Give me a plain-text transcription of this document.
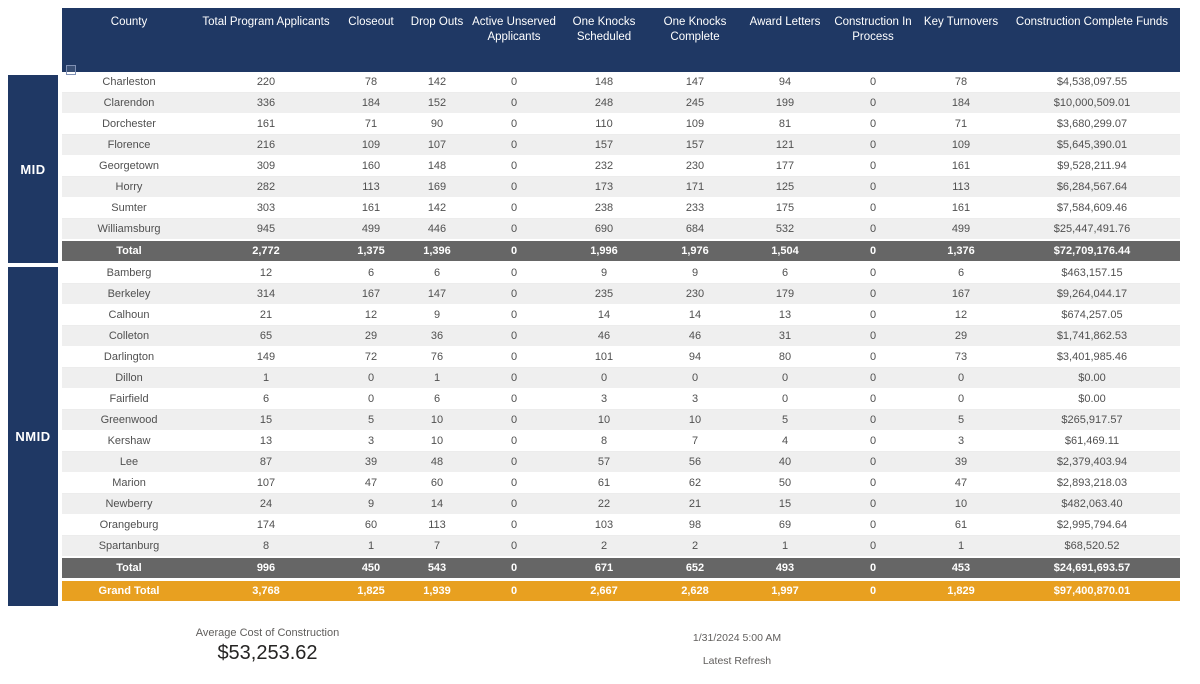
MID
NMID
County	Total Program Applicants	Closeout	Drop Outs	Active Unserved Applicants	One Knocks Scheduled	One Knocks Complete	Award Letters	Construction In Process	Key Turnovers	Construction Complete Funds
Charleston	220	78	142	0	148	147	94	0	78	$4,538,097.55
Clarendon	336	184	152	0	248	245	199	0	184	$10,000,509.01
Dorchester	161	71	90	0	110	109	81	0	71	$3,680,299.07
Florence	216	109	107	0	157	157	121	0	109	$5,645,390.01
Georgetown	309	160	148	0	232	230	177	0	161	$9,528,211.94
Horry	282	113	169	0	173	171	125	0	113	$6,284,567.64
Sumter	303	161	142	0	238	233	175	0	161	$7,584,609.46
Williamsburg	945	499	446	0	690	684	532	0	499	$25,447,491.76
Total	2,772	1,375	1,396	0	1,996	1,976	1,504	0	1,376	$72,709,176.44
Bamberg	12	6	6	0	9	9	6	0	6	$463,157.15
Berkeley	314	167	147	0	235	230	179	0	167	$9,264,044.17
Calhoun	21	12	9	0	14	14	13	0	12	$674,257.05
Colleton	65	29	36	0	46	46	31	0	29	$1,741,862.53
Darlington	149	72	76	0	101	94	80	0	73	$3,401,985.46
Dillon	1	0	1	0	0	0	0	0	0	$0.00
Fairfield	6	0	6	0	3	3	0	0	0	$0.00
Greenwood	15	5	10	0	10	10	5	0	5	$265,917.57
Kershaw	13	3	10	0	8	7	4	0	3	$61,469.11
Lee	87	39	48	0	57	56	40	0	39	$2,379,403.94
Marion	107	47	60	0	61	62	50	0	47	$2,893,218.03
Newberry	24	9	14	0	22	21	15	0	10	$482,063.40
Orangeburg	174	60	113	0	103	98	69	0	61	$2,995,794.64
Spartanburg	8	1	7	0	2	2	1	0	1	$68,520.52
Total	996	450	543	0	671	652	493	0	453	$24,691,693.57
Grand Total	3,768	1,825	1,939	0	2,667	2,628	1,997	0	1,829	$97,400,870.01
Average Cost of Construction
$53,253.62
1/31/2024 5:00 AM
Latest Refresh
